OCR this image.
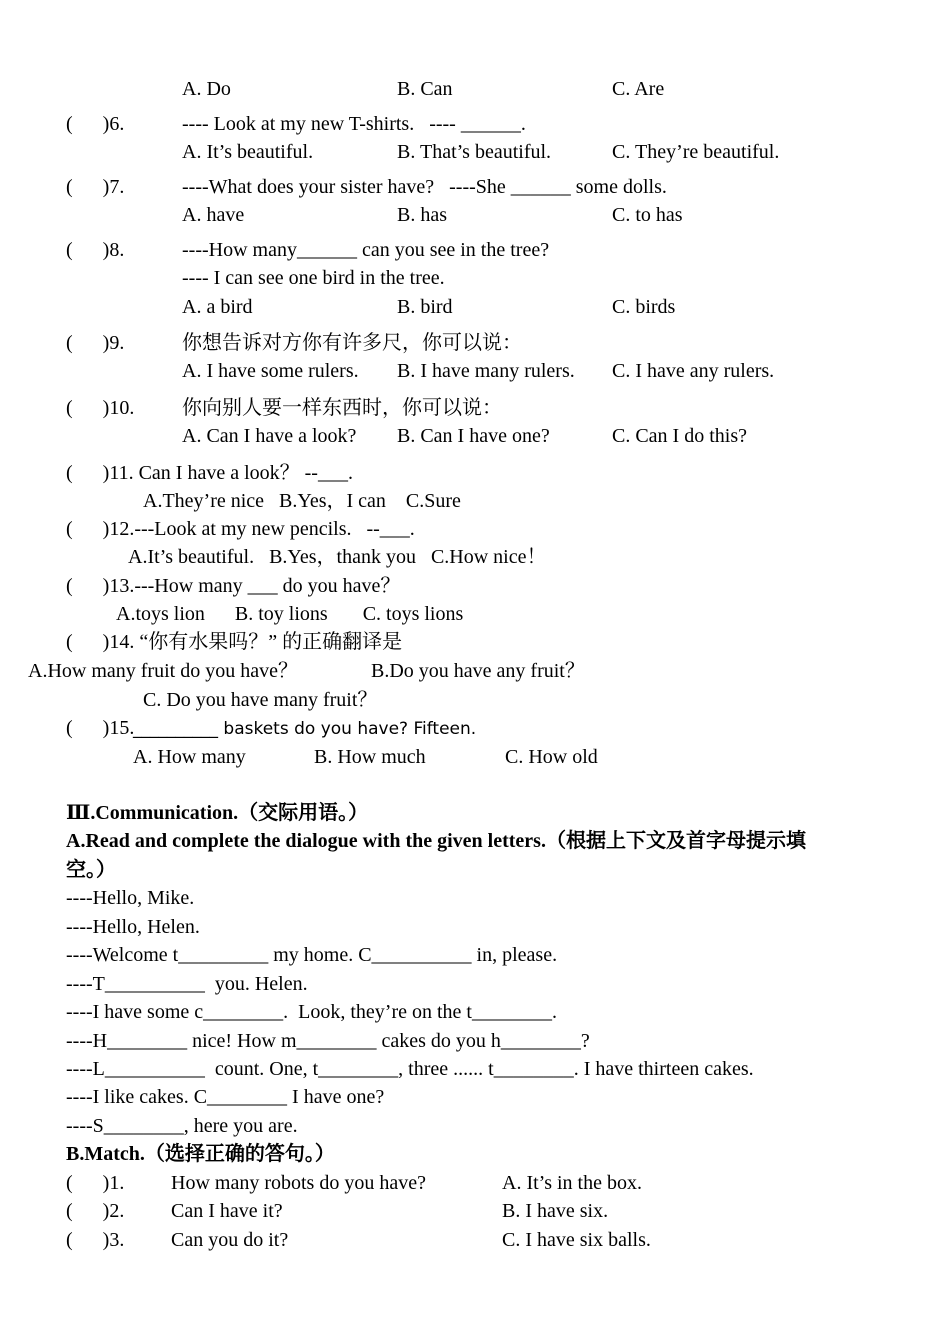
A. Do	B. Can	C. Are
(      )6.	---- Look at my new T-shirts.   ---- ______.
A. It’s beautiful.	B. That’s beautiful.	C. They’re beautiful.
(      )7.	----What does your sister have?   ----She ______ some dolls.
A. have	B. has	C. to has
(      )8.	----How many______ can you see in the tree?
---- I can see one bird in the tree.
A. a bird	B. bird	C. birds
(      )9.	你想告诉对方你有许多尺，你可以说：
A. I have some rulers. B. I have many rulers. C. I have any rulers.
(      )10. 你向别人要一样东西时，你可以说：
A. Can I have a look? B. Can I have one?	C. Can I do this?
(      )11. Can I have a look？ --___.
A.They’re nice   B.Yes，I can    C.Sure
(      )12.---Look at my new pencils.   --___.
A.It’s beautiful.   B.Yes，thank you   C.How nice！
(      )13.---How many ___ do you have？
A.toys lion      B. toy lions       C. toys lions
(      )14. “你有水果吗？” 的正确翻译是
A.How many fruit do you have？	B.Do you have any fruit？
C. Do you have many fruit？
(      )15.
__________ baskets do you have? Fifteen.
A. How many	B. How much	C. How old
Ⅲ.Communication.（交际用语。）
A.Read and complete the dialogue with the given letters.（根据上下文及首字母提示填
空。）
----Hello, Mike.
----Hello, Helen.
----Welcome t_________ my home. C__________ in, please.
----T__________  you. Helen.
----I have some c________.  Look, they’re on the t________.
----H________ nice! How m________ cakes do you h________?
----L__________  count. One, t________, three ...... t________. I have thirteen cakes.
----I like cakes. C________ I have one?
----S________, here you are.
B.Match.（选择正确的答句。）
(      )1. How many robots do you have?	A. It’s in the box.
(      )2. Can I have it?	B. I have six.
(      )3. Can you do it?	C. I have six balls.
